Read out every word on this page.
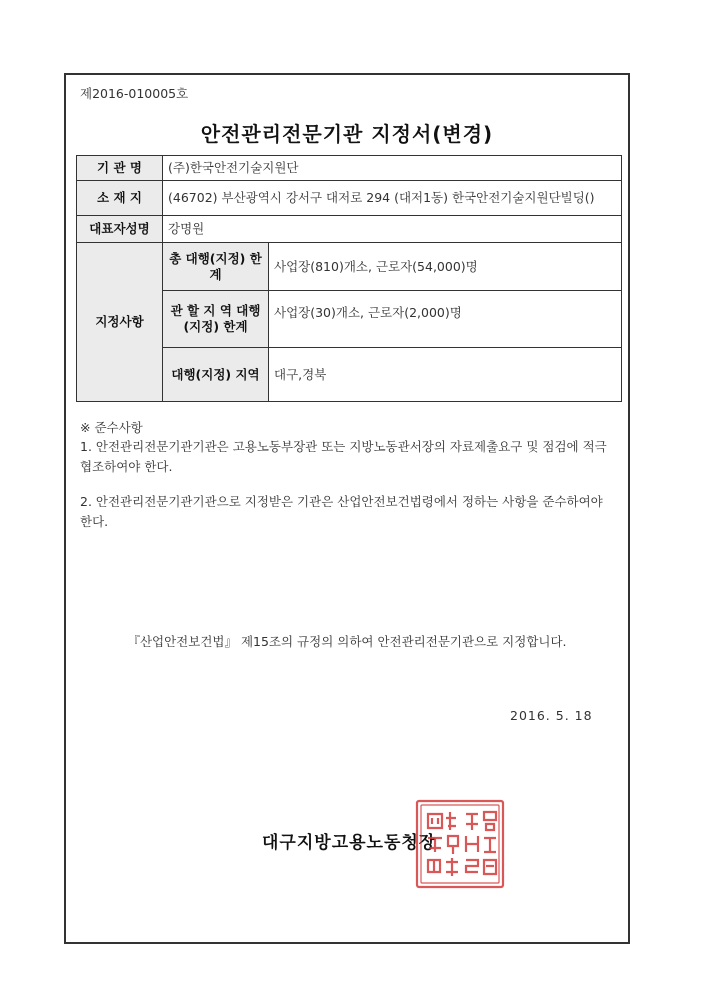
제2016-010005호
안전관리전문기관 지정서(변경)
기 관 명	(주)한국안전기술지원단	
소 재 지	(46702) 부산광역시 강서구 대저로 294 (대저1동) 한국안전기술지원단빌딩()	
대표자성명	강명원	
지정사항	총 대행(지정) 한 계	사업장(810)개소, 근로자(54,000)명
	관 할 지 역 대행(지정) 한계	사업장(30)개소, 근로자(2,000)명
	대행(지정) 지역	대구,경북

※ 준수사항

1. 안전관리전문기관기관은 고용노동부장관 또는 지방노동관서장의 자료제출요구 및 점검에 적극 협조하여야 한다.

2. 안전관리전문기관기관으로 지정받은 기관은 산업안전보건법령에서 정하는 사항을 준수하여야 한다.

『산업안전보건법』 제15조의 규정의 의하여 안전관리전문기관으로 지정합니다.
2016. 5. 18
대구지방고용노동청장
